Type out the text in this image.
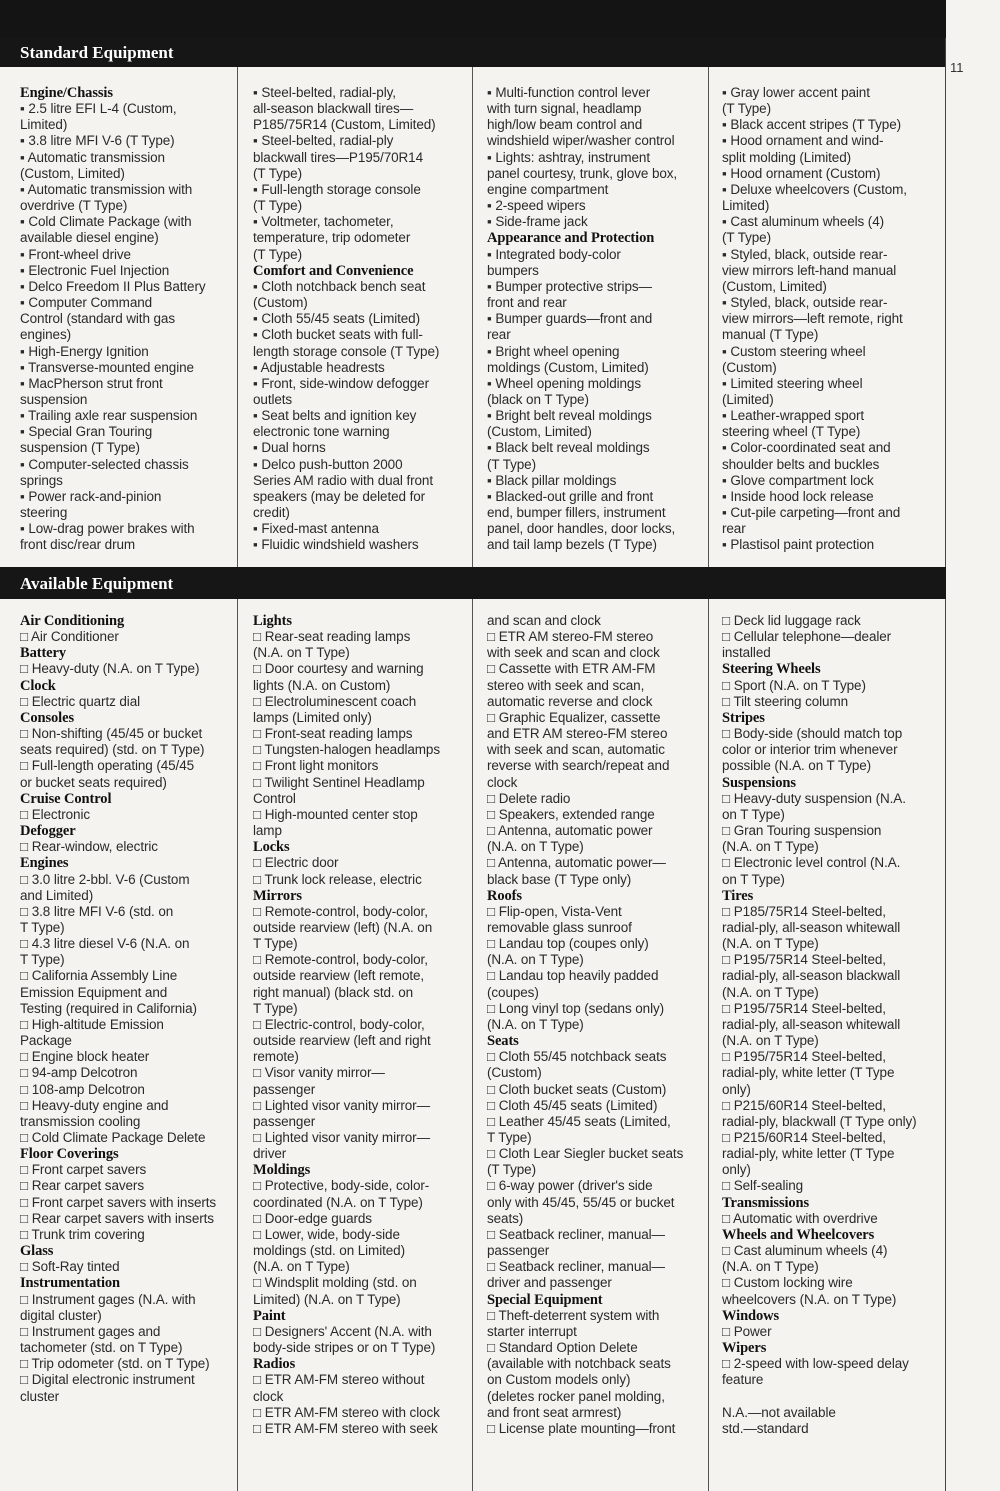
Standard Equipment
11
Engine/Chassis
▪ 2.5 litre EFI L-4 (Custom,
Limited)
▪ 3.8 litre MFI V-6 (T Type)
▪ Automatic transmission
(Custom, Limited)
▪ Automatic transmission with
overdrive (T Type)
▪ Cold Climate Package (with
available diesel engine)
▪ Front-wheel drive
▪ Electronic Fuel Injection
▪ Delco Freedom II Plus Battery
▪ Computer Command
Control (standard with gas
engines)
▪ High-Energy Ignition
▪ Transverse-mounted engine
▪ MacPherson strut front
suspension
▪ Trailing axle rear suspension
▪ Special Gran Touring
suspension (T Type)
▪ Computer-selected chassis
springs
▪ Power rack-and-pinion
steering
▪ Low-drag power brakes with
front disc/rear drum
▪ Steel-belted, radial-ply,
all-season blackwall tires—
P185/75R14 (Custom, Limited)
▪ Steel-belted, radial-ply
blackwall tires—P195/70R14
(T Type)
▪ Full-length storage console
(T Type)
▪ Voltmeter, tachometer,
temperature, trip odometer
(T Type)
Comfort and Convenience
▪ Cloth notchback bench seat
(Custom)
▪ Cloth 55/45 seats (Limited)
▪ Cloth bucket seats with full-
length storage console (T Type)
▪ Adjustable headrests
▪ Front, side-window defogger
outlets
▪ Seat belts and ignition key
electronic tone warning
▪ Dual horns
▪ Delco push-button 2000
Series AM radio with dual front
speakers (may be deleted for
credit)
▪ Fixed-mast antenna
▪ Fluidic windshield washers
▪ Multi-function control lever
with turn signal, headlamp
high/low beam control and
windshield wiper/washer control
▪ Lights: ashtray, instrument
panel courtesy, trunk, glove box,
engine compartment
▪ 2-speed wipers
▪ Side-frame jack
Appearance and Protection
▪ Integrated body-color
bumpers
▪ Bumper protective strips—
front and rear
▪ Bumper guards—front and
rear
▪ Bright wheel opening
moldings (Custom, Limited)
▪ Wheel opening moldings
(black on T Type)
▪ Bright belt reveal moldings
(Custom, Limited)
▪ Black belt reveal moldings
(T Type)
▪ Black pillar moldings
▪ Blacked-out grille and front
end, bumper fillers, instrument
panel, door handles, door locks,
and tail lamp bezels (T Type)
▪ Gray lower accent paint
(T Type)
▪ Black accent stripes (T Type)
▪ Hood ornament and wind-
split molding (Limited)
▪ Hood ornament (Custom)
▪ Deluxe wheelcovers (Custom,
Limited)
▪ Cast aluminum wheels (4)
(T Type)
▪ Styled, black, outside rear-
view mirrors left-hand manual
(Custom, Limited)
▪ Styled, black, outside rear-
view mirrors—left remote, right
manual (T Type)
▪ Custom steering wheel
(Custom)
▪ Limited steering wheel
(Limited)
▪ Leather-wrapped sport
steering wheel (T Type)
▪ Color-coordinated seat and
shoulder belts and buckles
▪ Glove compartment lock
▪ Inside hood lock release
▪ Cut-pile carpeting—front and
rear
▪ Plastisol paint protection
Available Equipment
Air Conditioning
□ Air Conditioner
Battery
□ Heavy-duty (N.A. on T Type)
Clock
□ Electric quartz dial
Consoles
□ Non-shifting (45/45 or bucket
seats required) (std. on T Type)
□ Full-length operating (45/45
or bucket seats required)
Cruise Control
□ Electronic
Defogger
□ Rear-window, electric
Engines
□ 3.0 litre 2-bbl. V-6 (Custom
and Limited)
□ 3.8 litre MFI V-6 (std. on
T Type)
□ 4.3 litre diesel V-6 (N.A. on
T Type)
□ California Assembly Line
Emission Equipment and
Testing (required in California)
□ High-altitude Emission
Package
□ Engine block heater
□ 94-amp Delcotron
□ 108-amp Delcotron
□ Heavy-duty engine and
transmission cooling
□ Cold Climate Package Delete
Floor Coverings
□ Front carpet savers
□ Rear carpet savers
□ Front carpet savers with inserts
□ Rear carpet savers with inserts
□ Trunk trim covering
Glass
□ Soft-Ray tinted
Instrumentation
□ Instrument gages (N.A. with
digital cluster)
□ Instrument gages and
tachometer (std. on T Type)
□ Trip odometer (std. on T Type)
□ Digital electronic instrument
cluster
Lights
□ Rear-seat reading lamps
(N.A. on T Type)
□ Door courtesy and warning
lights (N.A. on Custom)
□ Electroluminescent coach
lamps (Limited only)
□ Front-seat reading lamps
□ Tungsten-halogen headlamps
□ Front light monitors
□ Twilight Sentinel Headlamp
Control
□ High-mounted center stop
lamp
Locks
□ Electric door
□ Trunk lock release, electric
Mirrors
□ Remote-control, body-color,
outside rearview (left) (N.A. on
T Type)
□ Remote-control, body-color,
outside rearview (left remote,
right manual) (black std. on
T Type)
□ Electric-control, body-color,
outside rearview (left and right
remote)
□ Visor vanity mirror—
passenger
□ Lighted visor vanity mirror—
passenger
□ Lighted visor vanity mirror—
driver
Moldings
□ Protective, body-side, color-
coordinated (N.A. on T Type)
□ Door-edge guards
□ Lower, wide, body-side
moldings (std. on Limited)
(N.A. on T Type)
□ Windsplit molding (std. on
Limited) (N.A. on T Type)
Paint
□ Designers' Accent (N.A. with
body-side stripes or on T Type)
Radios
□ ETR AM-FM stereo without
clock
□ ETR AM-FM stereo with clock
□ ETR AM-FM stereo with seek
and scan and clock
□ ETR AM stereo-FM stereo
with seek and scan and clock
□ Cassette with ETR AM-FM
stereo with seek and scan,
automatic reverse and clock
□ Graphic Equalizer, cassette
and ETR AM stereo-FM stereo
with seek and scan, automatic
reverse with search/repeat and
clock
□ Delete radio
□ Speakers, extended range
□ Antenna, automatic power
(N.A. on T Type)
□ Antenna, automatic power—
black base (T Type only)
Roofs
□ Flip-open, Vista-Vent
removable glass sunroof
□ Landau top (coupes only)
(N.A. on T Type)
□ Landau top heavily padded
(coupes)
□ Long vinyl top (sedans only)
(N.A. on T Type)
Seats
□ Cloth 55/45 notchback seats
(Custom)
□ Cloth bucket seats (Custom)
□ Cloth 45/45 seats (Limited)
□ Leather 45/45 seats (Limited,
T Type)
□ Cloth Lear Siegler bucket seats
(T Type)
□ 6-way power (driver's side
only with 45/45, 55/45 or bucket
seats)
□ Seatback recliner, manual—
passenger
□ Seatback recliner, manual—
driver and passenger
Special Equipment
□ Theft-deterrent system with
starter interrupt
□ Standard Option Delete
(available with notchback seats
on Custom models only)
(deletes rocker panel molding,
and front seat armrest)
□ License plate mounting—front
□ Deck lid luggage rack
□ Cellular telephone—dealer
installed
Steering Wheels
□ Sport (N.A. on T Type)
□ Tilt steering column
Stripes
□ Body-side (should match top
color or interior trim whenever
possible (N.A. on T Type)
Suspensions
□ Heavy-duty suspension (N.A.
on T Type)
□ Gran Touring suspension
(N.A. on T Type)
□ Electronic level control (N.A.
on T Type)
Tires
□ P185/75R14 Steel-belted,
radial-ply, all-season whitewall
(N.A. on T Type)
□ P195/75R14 Steel-belted,
radial-ply, all-season blackwall
(N.A. on T Type)
□ P195/75R14 Steel-belted,
radial-ply, all-season whitewall
(N.A. on T Type)
□ P195/75R14 Steel-belted,
radial-ply, white letter (T Type
only)
□ P215/60R14 Steel-belted,
radial-ply, blackwall (T Type only)
□ P215/60R14 Steel-belted,
radial-ply, white letter (T Type
only)
□ Self-sealing
Transmissions
□ Automatic with overdrive
Wheels and Wheelcovers
□ Cast aluminum wheels (4)
(N.A. on T Type)
□ Custom locking wire
wheelcovers (N.A. on T Type)
Windows
□ Power
Wipers
□ 2-speed with low-speed delay
feature
N.A.—not available
std.—standard
